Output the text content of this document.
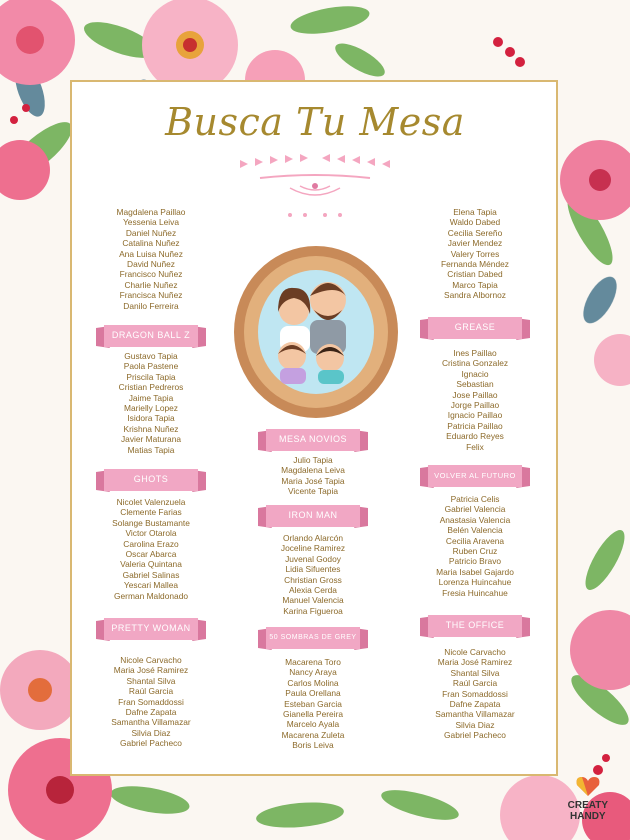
Busca Tu Mesa
Magdalena Paillao
Yessenia Leiva
Daniel Nuñez
Catalina Nuñez
Ana Luisa Nuñez
David Nuñez
Francisco Nuñez
Charlie Nuñez
Francisca Nuñez
Danilo Ferreira
Elena Tapia
Waldo Dabed
Cecilia Sereño
Javier Mendez
Valery Torres
Fernanda Méndez
Cristian Dabed
Marco Tapia
Sandra Albornoz
DRAGON BALL Z
Gustavo Tapia
Paola Pastene
Priscila Tapia
Cristian Pedreros
Jaime Tapia
Marielly Lopez
Isidora Tapia
Krishna Nuñez
Javier Maturana
Matias Tapia
GHOTS
Nicolet Valenzuela
Clemente Farias
Solange Bustamante
Victor Otarola
Carolina Erazo
Oscar Abarca
Valeria Quintana
Gabriel Salinas
Yescari Mallea
German Maldonado
PRETTY WOMAN
Nicole Carvacho
Maria José Ramirez
Shantal Silva
Raúl Garcia
Fran Somaddossi
Dafne Zapata
Samantha Villamazar
Silvia Diaz
Gabriel Pacheco
MESA NOVIOS
Julio Tapia
Magdalena Leiva
Maria José Tapia
Vicente Tapia
IRON MAN
Orlando Alarcón
Joceline Ramirez
Juvenal Godoy
Lidia Sifuentes
Christian Gross
Alexia Cerda
Manuel Valencia
Karina Figueroa
50 SOMBRAS DE GREY
Macarena Toro
Nancy Araya
Carlos Molina
Paula Orellana
Esteban Garcia
Gianella Pereira
Marcelo Ayala
Macarena Zuleta
Boris Leiva
GREASE
Ines Paillao
Cristina Gonzalez
Ignacio
Sebastian
Jose Paillao
Jorge Paillao
Ignacio Paillao
Patricia Paillao
Eduardo Reyes
Felix
VOLVER AL FUTURO
Patricia Celis
Gabriel Valencia
Anastasia Valencia
Belén Valencia
Cecilia Aravena
Ruben Cruz
Patricio Bravo
Maria Isabel Gajardo
Lorenza Huincahue
Fresia Huincahue
THE OFFICE
Nicole Carvacho
Maria José Ramirez
Shantal Silva
Raúl Garcia
Fran Somaddossi
Dafne Zapata
Samantha Villamazar
Silvia Diaz
Gabriel Pacheco
CREATY
HANDY
